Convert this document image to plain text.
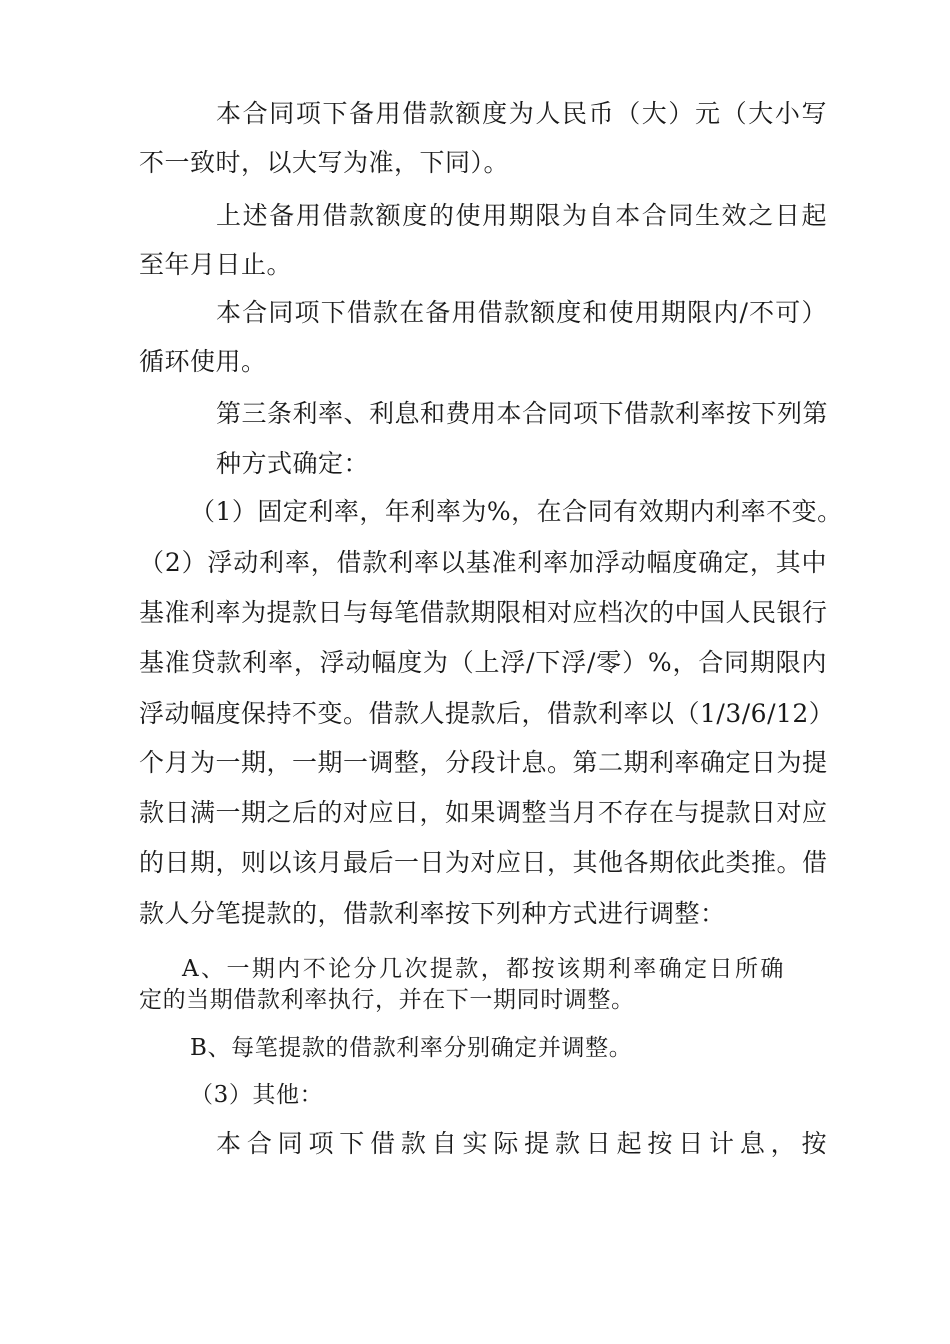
本合同项下备用借款额度为人民币（大）元（大小写
不一致时，以大写为准，下同）。
上述备用借款额度的使用期限为自本合同生效之日起
至年月日止。
本合同项下借款在备用借款额度和使用期限内/不可）
循环使用。
第三条利率、利息和费用本合同项下借款利率按下列第
种方式确定：
（1）固定利率，年利率为%，在合同有效期内利率不变。
（2）浮动利率，借款利率以基准利率加浮动幅度确定，其中
基准利率为提款日与每笔借款期限相对应档次的中国人民银行
基准贷款利率，浮动幅度为（上浮/下浮/零）%，合同期限内
浮动幅度保持不变。借款人提款后，借款利率以（1/3/6/12）
个月为一期，一期一调整，分段计息。第二期利率确定日为提
款日满一期之后的对应日，如果调整当月不存在与提款日对应
的日期，则以该月最后一日为对应日，其他各期依此类推。借
款人分笔提款的，借款利率按下列种方式进行调整：
A、一期内不论分几次提款，都按该期利率确定日所确
定的当期借款利率执行，并在下一期同时调整。
B、每笔提款的借款利率分别确定并调整。
（3）其他：
本合同项下借款自实际提款日起按日计息，按
